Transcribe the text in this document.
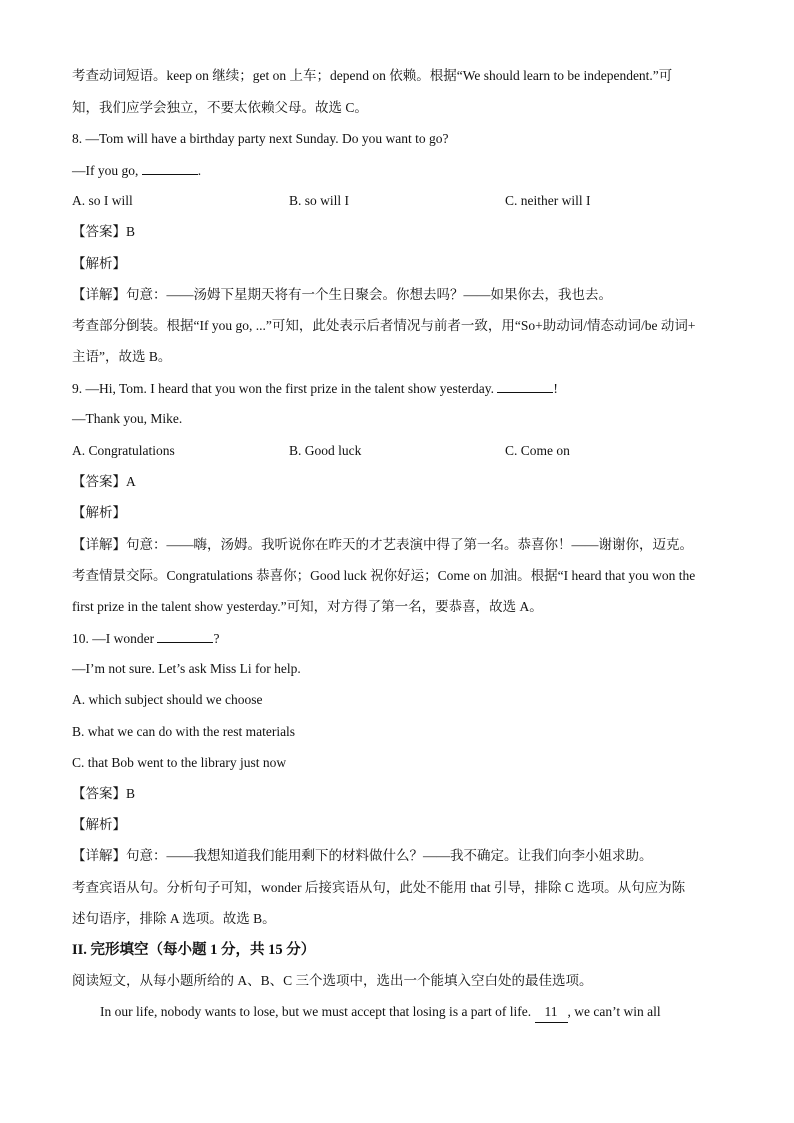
考查动词短语。keep on 继续；get on 上车；depend on 依赖。根据“We should learn to be independent.”可
知，我们应学会独立，不要太依赖父母。故选 C。
8. —Tom will have a birthday party next Sunday. Do you want to go?
—If you go,	.
A. so I will	B. so will I	C. neither will I
【答案】B
【解析】
【详解】句意：——汤姆下星期天将有一个生日聚会。你想去吗？——如果你去，我也去。
考查部分倒装。根据“If you go, ...”可知，此处表示后者情况与前者一致，用“So+助动词/情态动词/be 动词+
主语”，故选 B。
9. —Hi, Tom. I heard that you won the first prize in the talent show yesterday.	!
—Thank you, Mike.
A. Congratulations	B. Good luck	C. Come on
【答案】A
【解析】
【详解】句意：——嗨，汤姆。我听说你在昨天的才艺表演中得了第一名。恭喜你！——谢谢你，迈克。
考查情景交际。Congratulations 恭喜你；Good luck 祝你好运；Come on 加油。根据“I heard that you won the
first prize in the talent show yesterday.”可知，对方得了第一名，要恭喜，故选 A。
10. —I wonder	?
—I’m not sure. Let’s ask Miss Li for help.
A. which subject should we choose
B. what we can do with the rest materials
C. that Bob went to the library just now
【答案】B
【解析】
【详解】句意：——我想知道我们能用剩下的材料做什么？——我不确定。让我们向李小姐求助。
考查宾语从句。分析句子可知，wonder 后接宾语从句，此处不能用 that 引导，排除 C 选项。从句应为陈
述句语序，排除 A 选项。故选 B。
II. 完形填空（每小题 1 分，共 15 分）
阅读短文，从每小题所给的 A、B、C 三个选项中，选出一个能填入空白处的最佳选项。
In our life, nobody wants to lose, but we must accept that losing is a part of life. 11 , we can’t win all
